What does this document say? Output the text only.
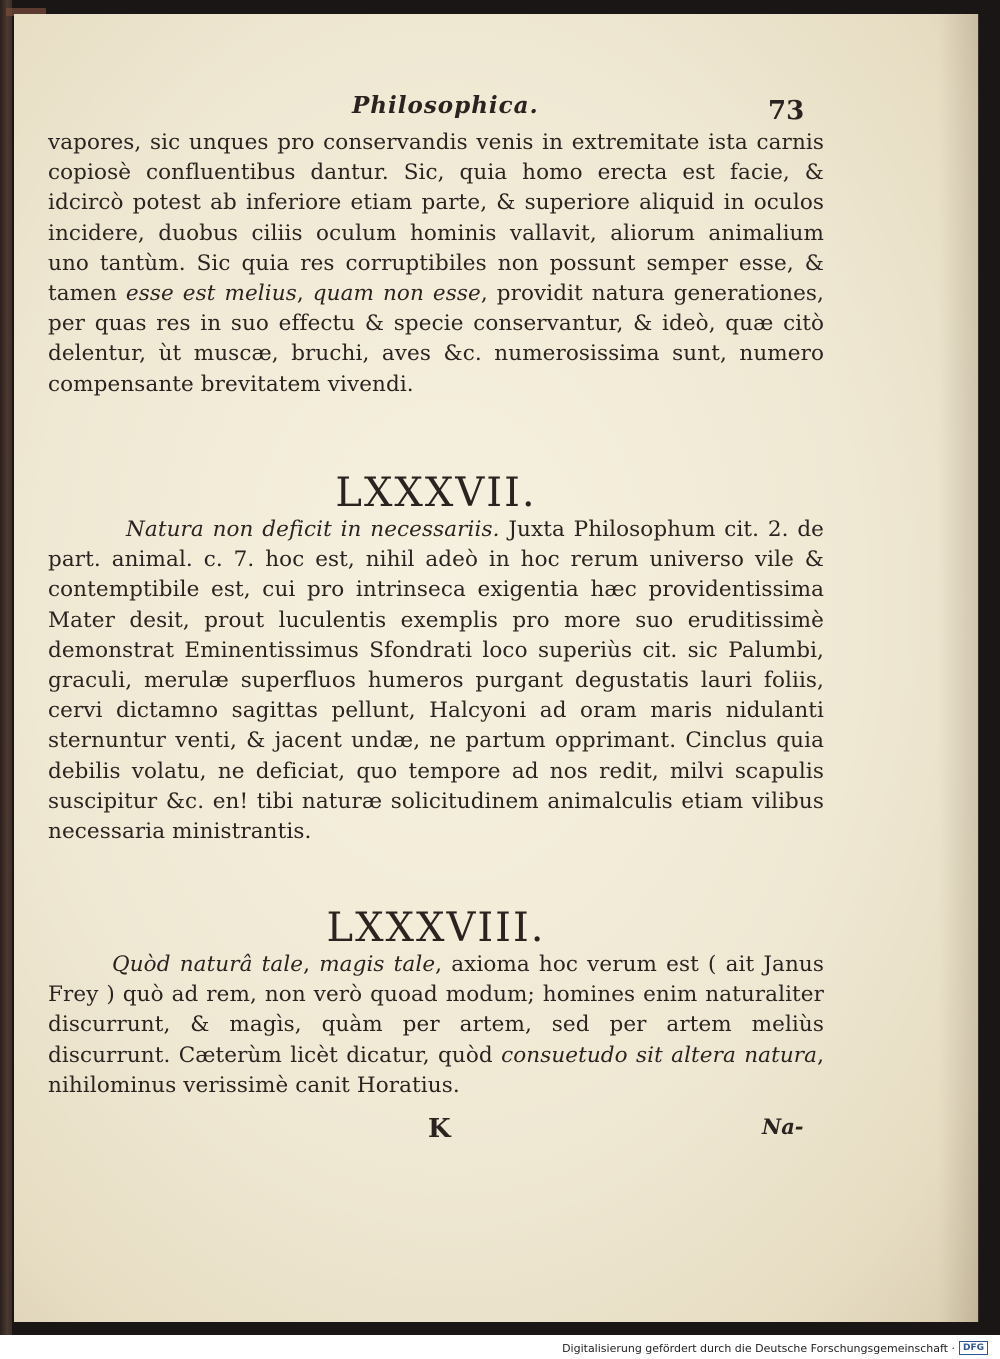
Philosophica.	73
vapores, sic unques pro conservandis venis in extremitate ista carnis copiosè confluentibus dantur. Sic, quia homo erecta est facie, & idcircò potest ab inferiore etiam parte, & superiore aliquid in oculos incidere, duobus ciliis oculum hominis vallavit, aliorum animalium uno tantùm. Sic quia res corruptibiles non possunt semper esse, & tamen esse est melius, quam non esse, providit natura generationes, per quas res in suo effectu & specie conservantur, & ideò, quæ citò delentur, ùt muscæ, bruchi, aves &c. numerosissima sunt, numero compensante brevitatem vivendi.
LXXXVII.
Natura non deficit in necessariis. Juxta Philosophum cit. 2. de part. animal. c. 7. hoc est, nihil adeò in hoc rerum universo vile & contemptibile est, cui pro intrinseca exigentia hæc providentissima Mater desit, prout luculentis exemplis pro more suo eruditissimè demonstrat Eminentissimus Sfondrati loco superiùs cit. sic Palumbi, graculi, merulæ superfluos humeros purgant degustatis lauri foliis, cervi dictamno sagittas pellunt, Halcyoni ad oram maris nidulanti sternuntur venti, & jacent undæ, ne partum opprimant. Cinclus quia debilis volatu, ne deficiat, quo tempore ad nos redit, milvi scapulis suscipitur &c. en! tibi naturæ solicitudinem animalculis etiam vilibus necessaria ministrantis.
LXXXVIII.
Quòd naturâ tale, magis tale, axioma hoc verum est ( ait Janus Frey ) quò ad rem, non verò quoad modum; homines enim naturaliter discurrunt, & magìs, quàm per artem, sed per artem meliùs discurrunt. Cæterùm licèt dicatur, quòd consuetudo sit altera natura, nihilominus verissimè canit Horatius.
K	Na-
Digitalisierung gefördert durch die Deutsche Forschungsgemeinschaft · DFG
